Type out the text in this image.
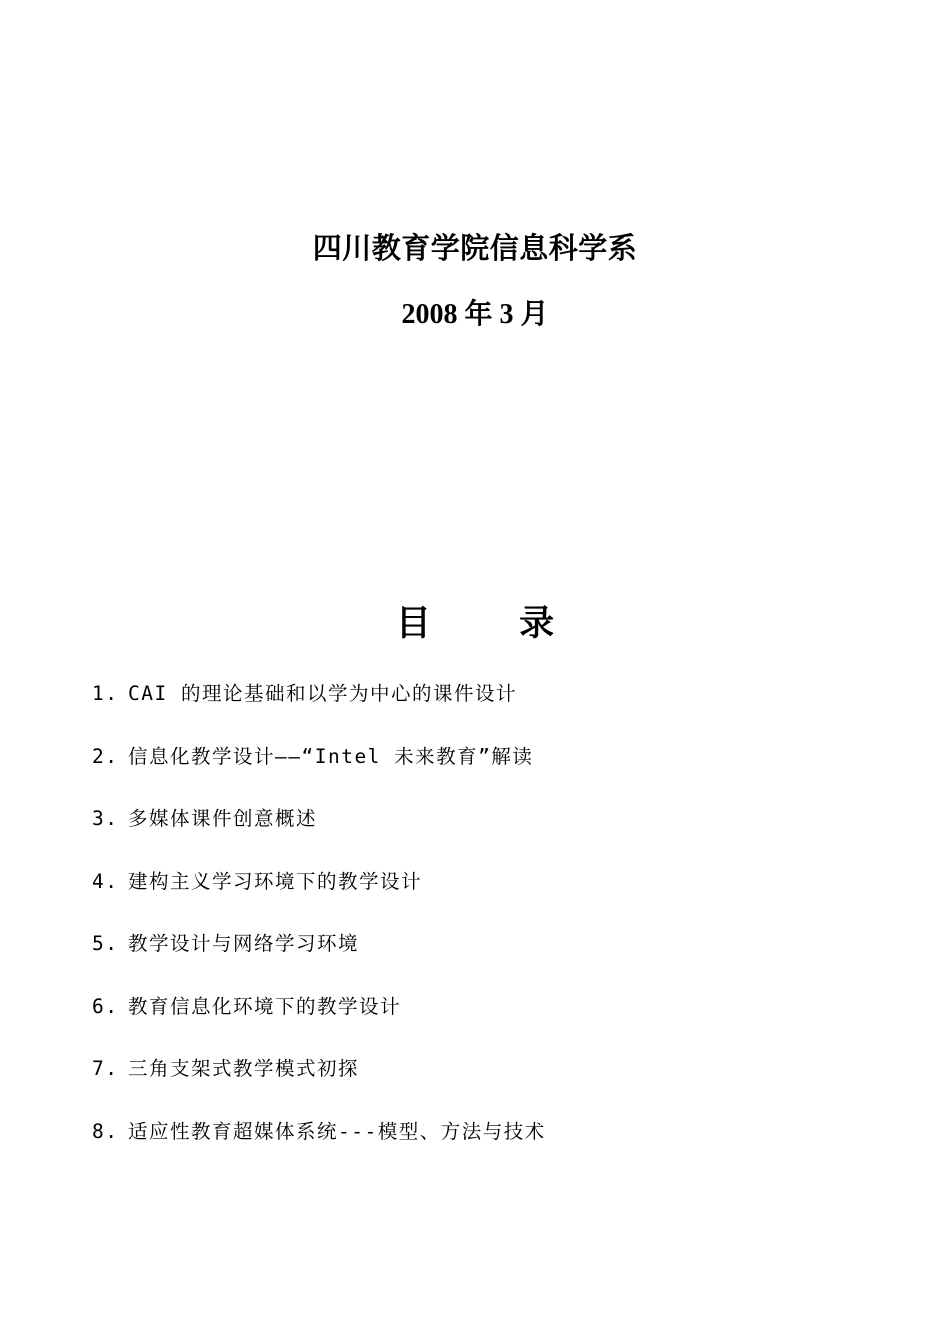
四川教育学院信息科学系
2008 年 3 月
目 录
1. CAI 的理论基础和以学为中心的课件设计
2. 信息化教学设计——“Intel 未来教育”解读
3. 多媒体课件创意概述
4. 建构主义学习环境下的教学设计
5. 教学设计与网络学习环境
6. 教育信息化环境下的教学设计
7. 三角支架式教学模式初探
8. 适应性教育超媒体系统---模型、方法与技术
